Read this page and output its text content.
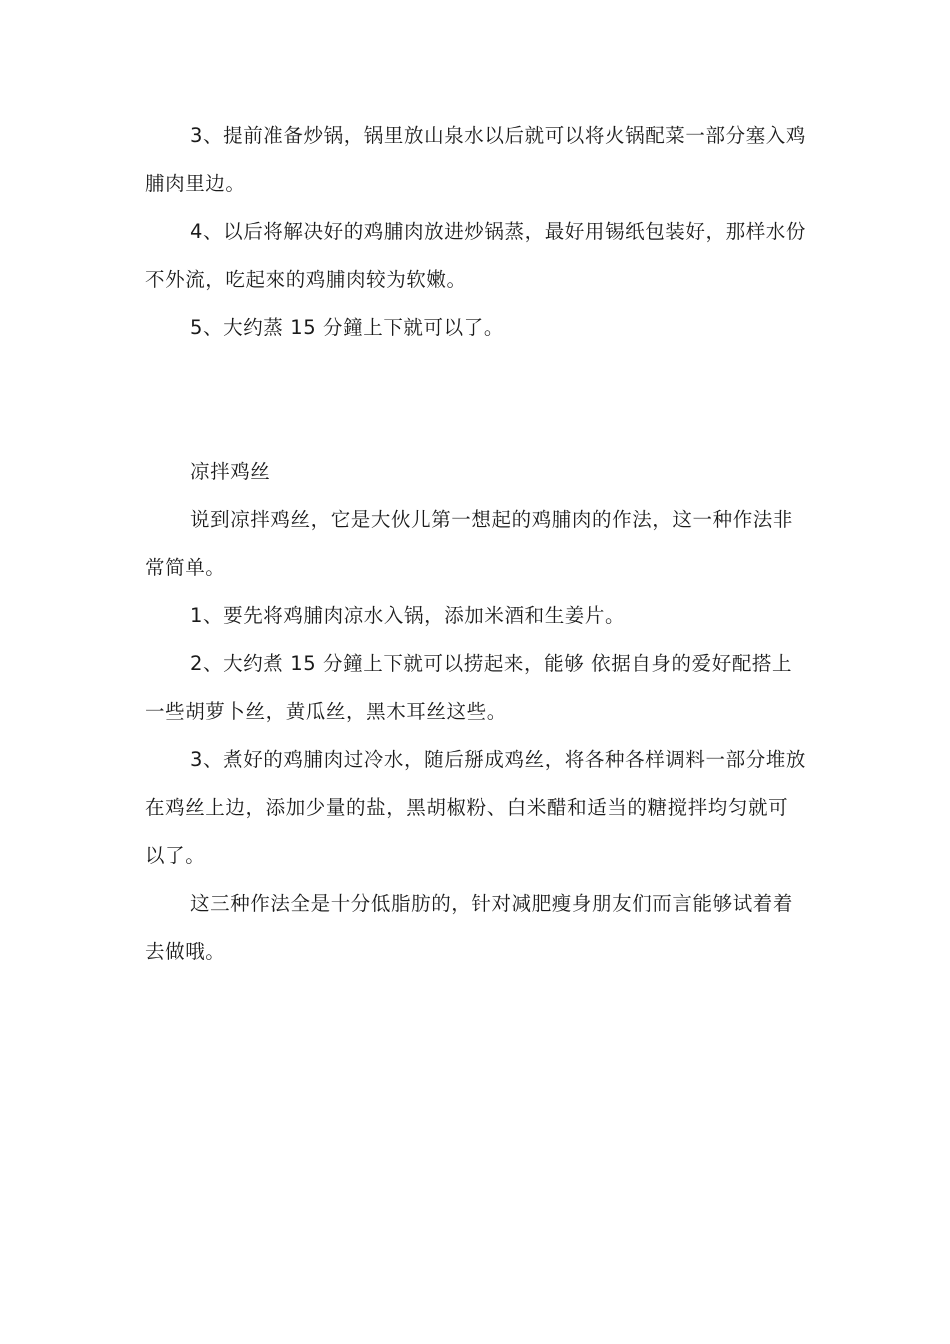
3、提前准备炒锅，锅里放山泉水以后就可以将火锅配菜一部分塞入鸡脯肉里边。

4、以后将解决好的鸡脯肉放进炒锅蒸，最好用锡纸包装好，那样水份不外流，吃起來的鸡脯肉较为软嫩。

5、大约蒸 15 分鐘上下就可以了。

凉拌鸡丝

说到凉拌鸡丝，它是大伙儿第一想起的鸡脯肉的作法，这一种作法非常简单。

1、要先将鸡脯肉凉水入锅，添加米酒和生姜片。

2、大约煮 15 分鐘上下就可以捞起来，能够 依据自身的爱好配搭上一些胡萝卜丝，黄瓜丝，黑木耳丝这些。

3、煮好的鸡脯肉过冷水，随后掰成鸡丝，将各种各样调料一部分堆放在鸡丝上边，添加少量的盐，黑胡椒粉、白米醋和适当的糖搅拌均匀就可以了。

这三种作法全是十分低脂肪的，针对减肥瘦身朋友们而言能够试着着去做哦。
